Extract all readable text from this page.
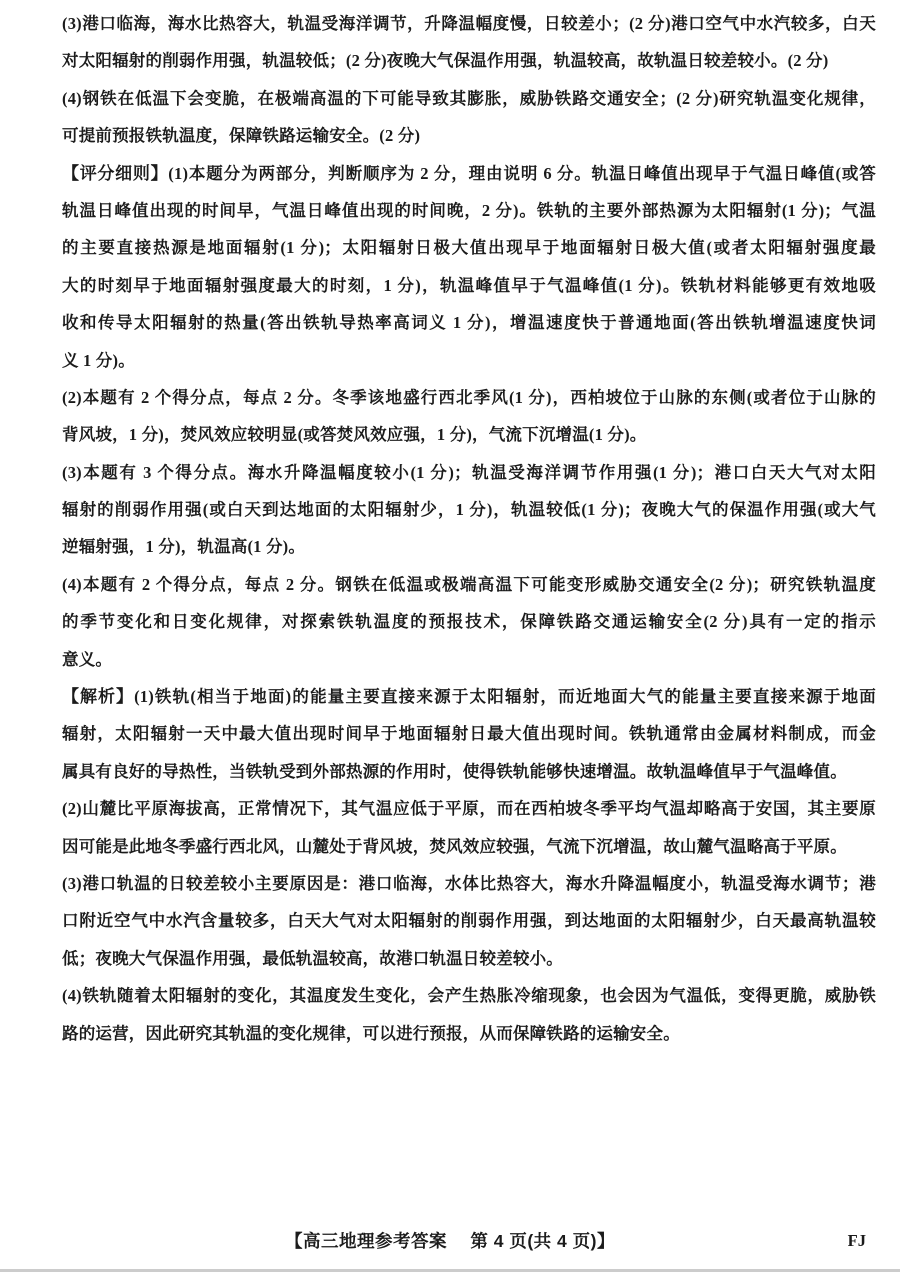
(3)港口临海，海水比热容大，轨温受海洋调节，升降温幅度慢，日较差小；(2 分)港口空气中水汽较多，白天
对太阳辐射的削弱作用强，轨温较低；(2 分)夜晚大气保温作用强，轨温较高，故轨温日较差较小。(2 分)
(4)钢铁在低温下会变脆，在极端高温的下可能导致其膨胀，威胁铁路交通安全；(2 分)研究轨温变化规律，
可提前预报铁轨温度，保障铁路运输安全。(2 分)
【评分细则】(1)本题分为两部分，判断顺序为 2 分，理由说明 6 分。轨温日峰值出现早于气温日峰值(或答
轨温日峰值出现的时间早，气温日峰值出现的时间晚，2 分)。铁轨的主要外部热源为太阳辐射(1 分)；气温
的主要直接热源是地面辐射(1 分)；太阳辐射日极大值出现早于地面辐射日极大值(或者太阳辐射强度最
大的时刻早于地面辐射强度最大的时刻，1 分)，轨温峰值早于气温峰值(1 分)。铁轨材料能够更有效地吸
收和传导太阳辐射的热量(答出铁轨导热率高词义 1 分)，增温速度快于普通地面(答出铁轨增温速度快词
义 1 分)。
(2)本题有 2 个得分点，每点 2 分。冬季该地盛行西北季风(1 分)，西柏坡位于山脉的东侧(或者位于山脉的
背风坡，1 分)，焚风效应较明显(或答焚风效应强，1 分)，气流下沉增温(1 分)。
(3)本题有 3 个得分点。海水升降温幅度较小(1 分)；轨温受海洋调节作用强(1 分)；港口白天大气对太阳
辐射的削弱作用强(或白天到达地面的太阳辐射少，1 分)，轨温较低(1 分)；夜晚大气的保温作用强(或大气
逆辐射强，1 分)，轨温高(1 分)。
(4)本题有 2 个得分点，每点 2 分。钢铁在低温或极端高温下可能变形威胁交通安全(2 分)；研究铁轨温度
的季节变化和日变化规律，对探索铁轨温度的预报技术，保障铁路交通运输安全(2 分)具有一定的指示
意义。
【解析】(1)铁轨(相当于地面)的能量主要直接来源于太阳辐射，而近地面大气的能量主要直接来源于地面
辐射，太阳辐射一天中最大值出现时间早于地面辐射日最大值出现时间。铁轨通常由金属材料制成，而金
属具有良好的导热性，当铁轨受到外部热源的作用时，使得铁轨能够快速增温。故轨温峰值早于气温峰值。
(2)山麓比平原海拔高，正常情况下，其气温应低于平原，而在西柏坡冬季平均气温却略高于安国，其主要原
因可能是此地冬季盛行西北风，山麓处于背风坡，焚风效应较强，气流下沉增温，故山麓气温略高于平原。
(3)港口轨温的日较差较小主要原因是：港口临海，水体比热容大，海水升降温幅度小，轨温受海水调节；港
口附近空气中水汽含量较多，白天大气对太阳辐射的削弱作用强，到达地面的太阳辐射少，白天最高轨温较
低；夜晚大气保温作用强，最低轨温较高，故港口轨温日较差较小。
(4)铁轨随着太阳辐射的变化，其温度发生变化，会产生热胀冷缩现象，也会因为气温低，变得更脆，威胁铁
路的运营，因此研究其轨温的变化规律，可以进行预报，从而保障铁路的运输安全。
【高三地理参考答案　 第 4 页(共 4 页)】	FJ
